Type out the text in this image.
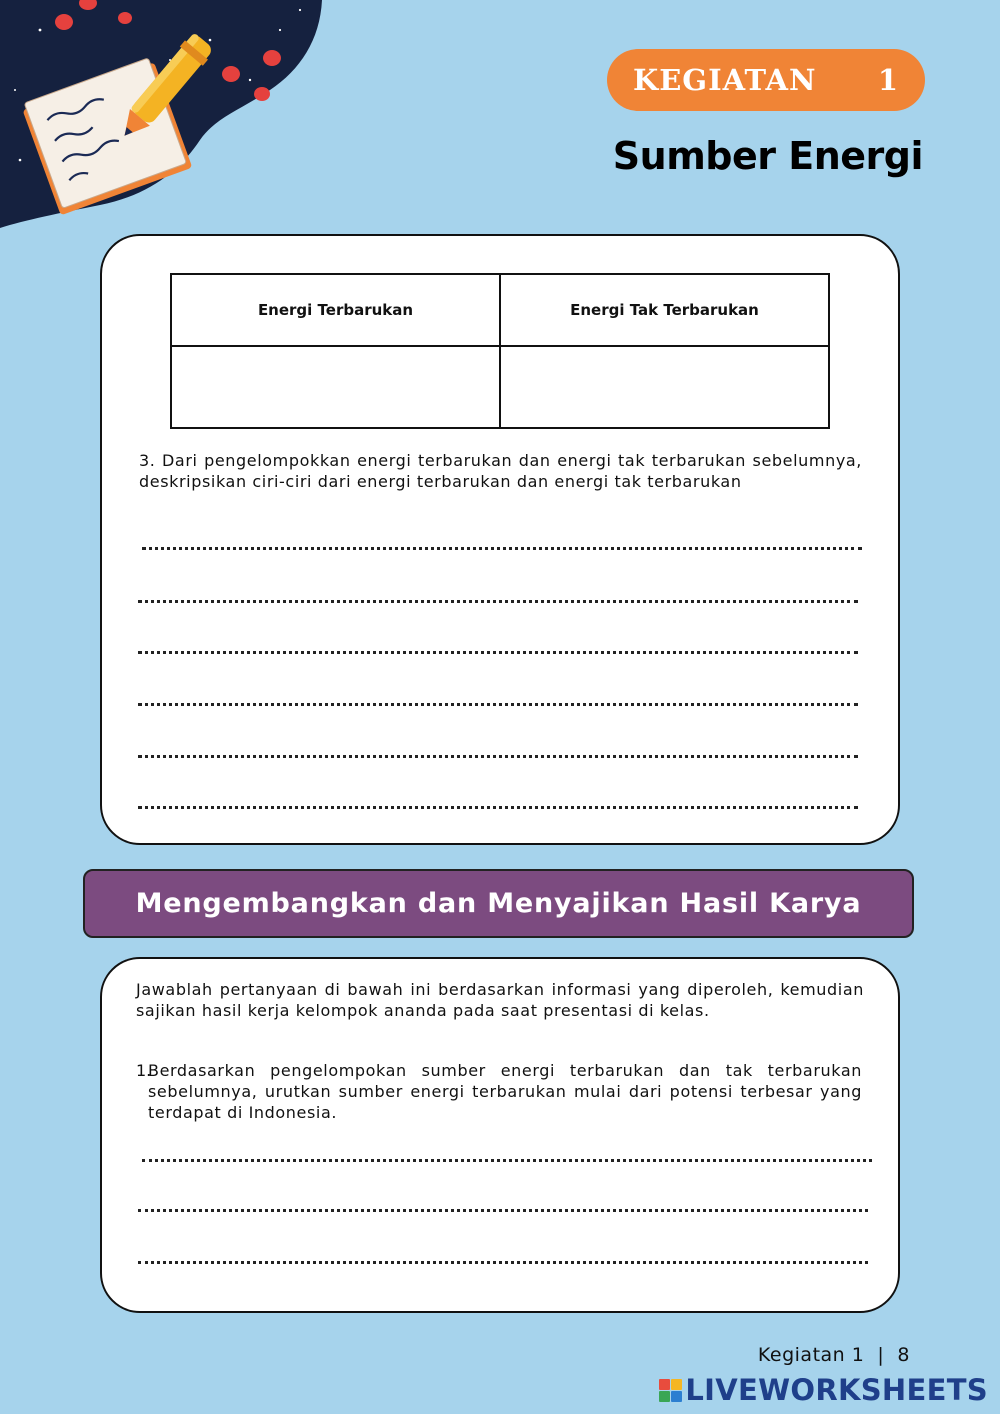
KEGIATAN 1
Sumber Energi
Energi Terbarukan	Energi Tak Terbarukan

3. Dari pengelompokkan energi terbarukan dan energi tak terbarukan sebelumnya, deskripsikan ciri-ciri dari energi terbarukan dan energi tak terbarukan
Mengembangkan dan Menyajikan Hasil Karya
Jawablah pertanyaan di bawah ini berdasarkan informasi yang diperoleh, kemudian sajikan hasil kerja kelompok ananda pada saat presentasi di kelas.
1.
Berdasarkan pengelompokan sumber energi terbarukan dan tak terbarukan sebelumnya, urutkan sumber energi terbarukan mulai dari potensi terbesar yang terdapat di Indonesia.
Kegiatan 1  |  8
LIVEWORKSHEETS
